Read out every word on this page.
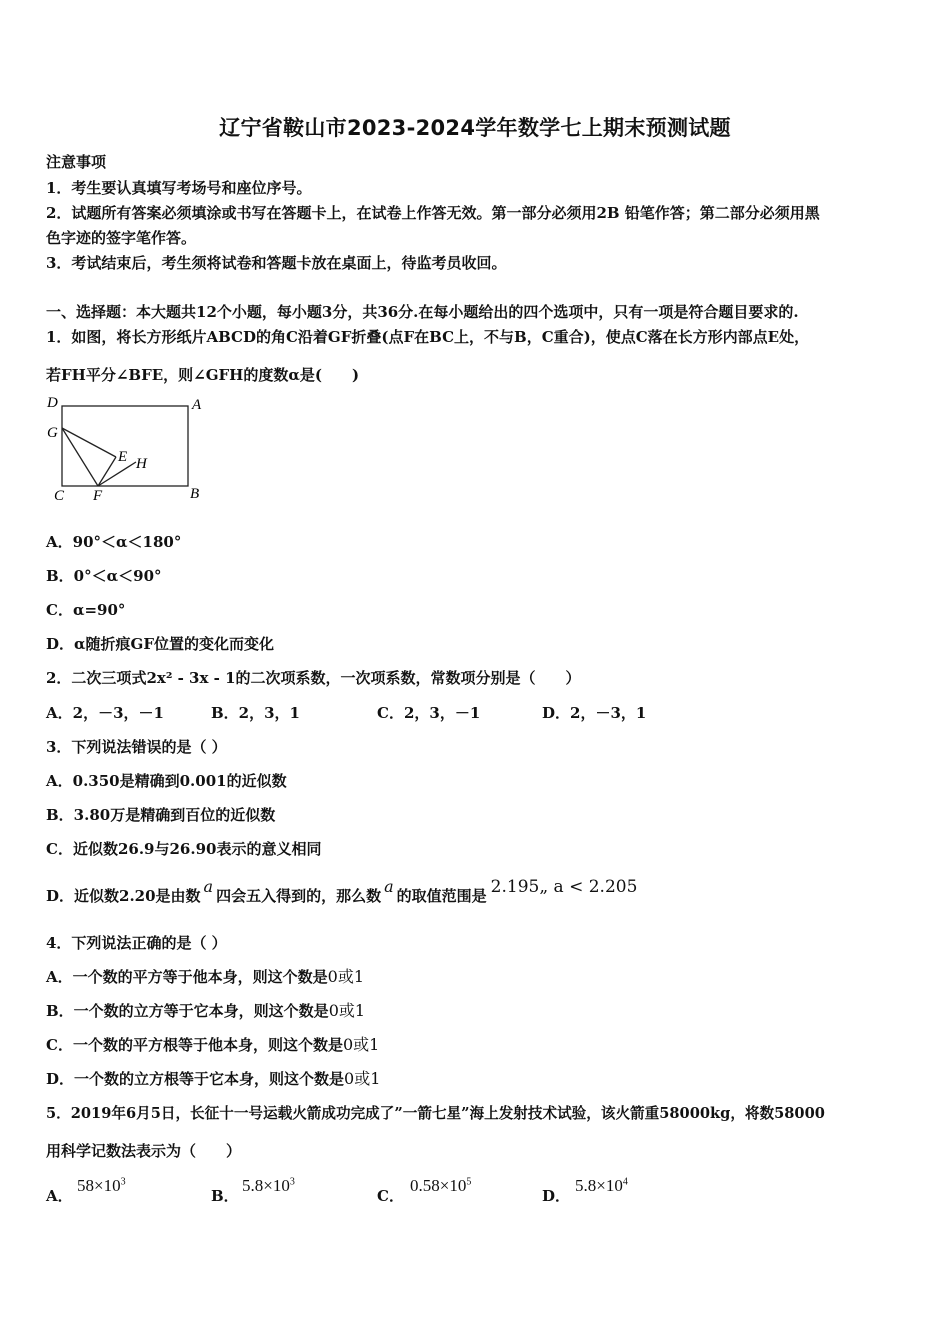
辽宁省鞍山市2023-2024学年数学七上期末预测试题
注意事项
1．考生要认真填写考场号和座位序号。
2．试题所有答案必须填涂或书写在答题卡上，在试卷上作答无效。第一部分必须用2B 铅笔作答；第二部分必须用黑
色字迹的签字笔作答。
3．考试结束后，考生须将试卷和答题卡放在桌面上，待监考员收回。
一、选择题：本大题共12个小题，每小题3分，共36分.在每小题给出的四个选项中，只有一项是符合题目要求的.
1．如图，将长方形纸片ABCD的角C沿着GF折叠(点F在BC上，不与B，C重合)，使点C落在长方形内部点E处，
若FH平分∠BFE，则∠GFH的度数α是(　　)
D	A
G
E H
C F	B
A．90°＜α＜180°
B．0°＜α＜90°
C．α=90°
D．α随折痕GF位置的变化而变化
2．二次三项式2x² - 3x - 1的二次项系数，一次项系数，常数项分别是（　　）
A．2，－3，－1	B．2，3，1	C．2，3，－1	D．2，－3，1
3．下列说法错误的是（ ）
A．0.350是精确到0.001的近似数
B．3.80万是精确到百位的近似数
C．近似数26.9与26.90表示的意义相同
D．近似数2.20是由数 a 四会五入得到的，那么数 a 的取值范围是 2.195„ a < 2.205
4．下列说法正确的是（ ）
A．一个数的平方等于他本身，则这个数是0或1
B．一个数的立方等于它本身，则这个数是0或1
C．一个数的平方根等于他本身，则这个数是0或1
D．一个数的立方根等于它本身，则这个数是0或1
5．2019年6月5日，长征十一号运载火箭成功完成了”一箭七星”海上发射技术试验，该火箭重58000kg，将数58000
用科学记数法表示为（　　）
A．
$58\times 10^3$
B．
$5.8\times 10^3$
C．
$0.58\times 10^5$
D．
$5.8\times 10^4$
